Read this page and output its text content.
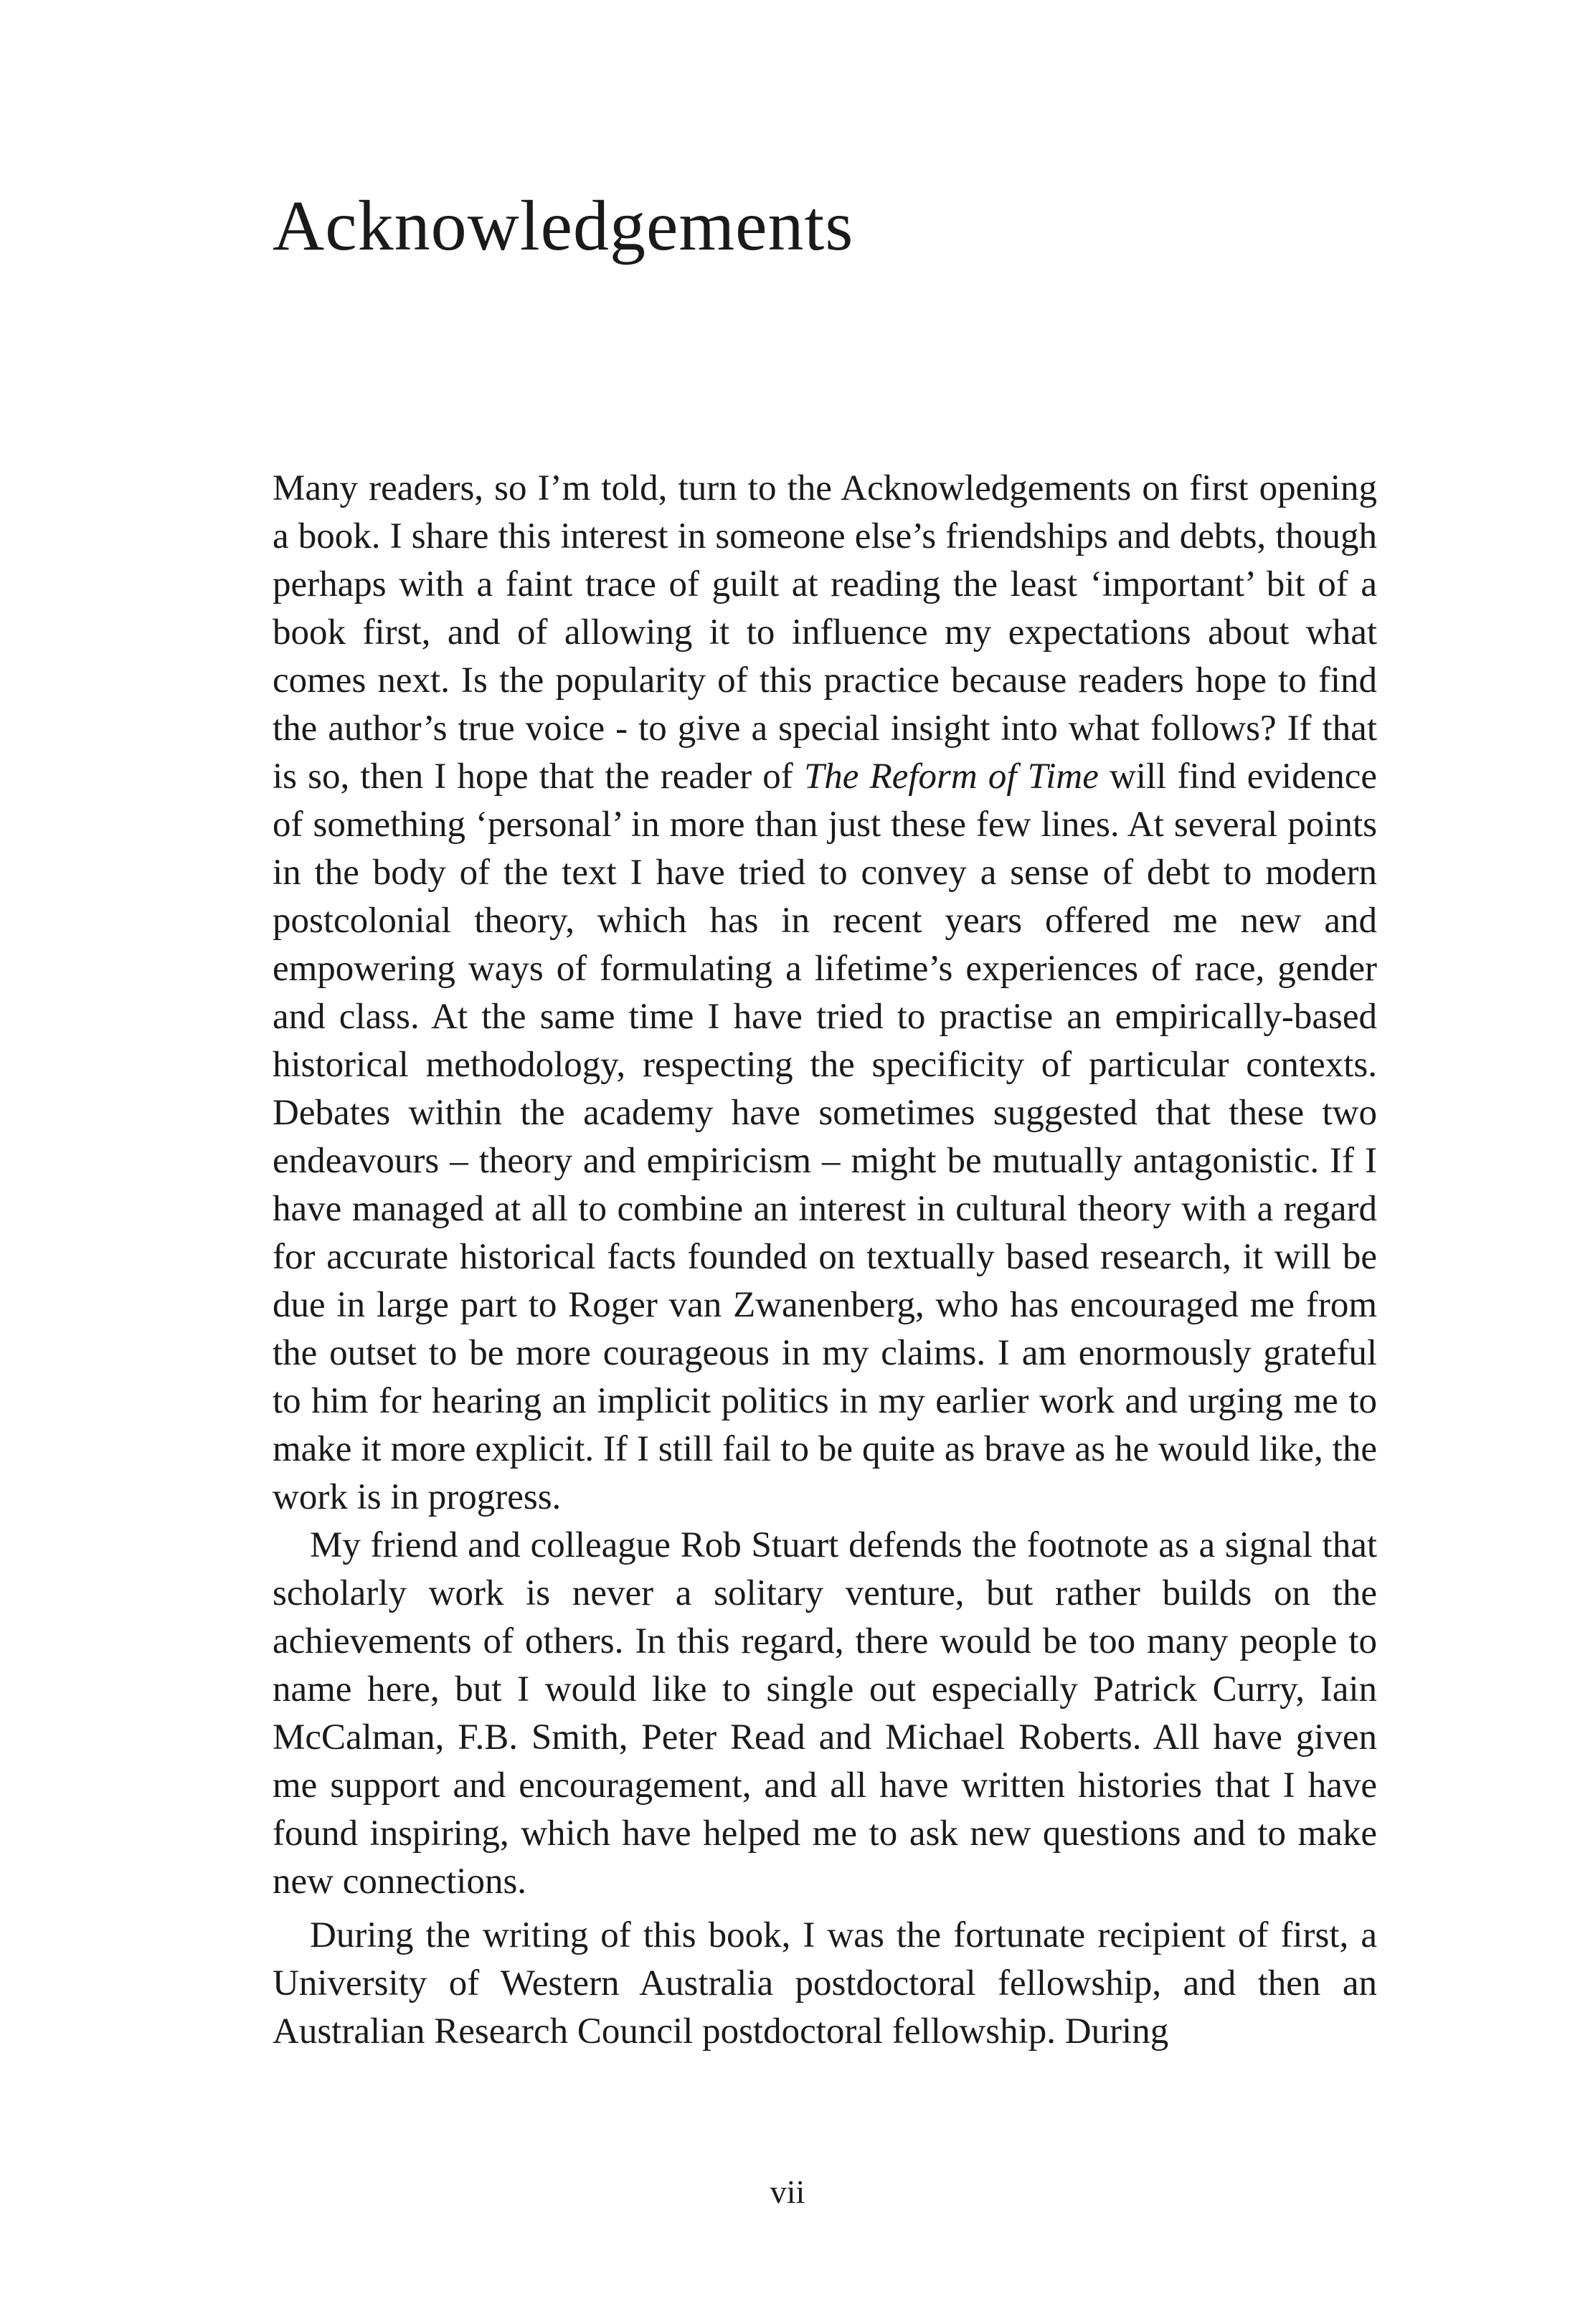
Acknowledgements

Many readers, so I’m told, turn to the Acknowledgements on first opening a book. I share this interest in someone else’s friendships and debts, though perhaps with a faint trace of guilt at reading the least ‘important’ bit of a book first, and of allowing it to influence my expectations about what comes next. Is the popularity of this practice because readers hope to find the author’s true voice - to give a special insight into what follows? If that is so, then I hope that the reader of The Reform of Time will find evidence of something ‘personal’ in more than just these few lines. At several points in the body of the text I have tried to convey a sense of debt to modern postcolonial theory, which has in recent years offered me new and empowering ways of formulating a lifetime’s experiences of race, gender and class. At the same time I have tried to practise an empirically-based historical methodology, respecting the specificity of particular contexts. Debates within the academy have sometimes suggested that these two endeavours – theory and empiricism – might be mutually antagonistic. If I have managed at all to combine an interest in cultural theory with a regard for accurate historical facts founded on textually based research, it will be due in large part to Roger van Zwanenberg, who has encouraged me from the outset to be more courageous in my claims. I am enormously grateful to him for hearing an implicit politics in my earlier work and urging me to make it more explicit. If I still fail to be quite as brave as he would like, the work is in progress.

My friend and colleague Rob Stuart defends the footnote as a signal that scholarly work is never a solitary venture, but rather builds on the achievements of others. In this regard, there would be too many people to name here, but I would like to single out especially Patrick Curry, Iain McCalman, F.B. Smith, Peter Read and Michael Roberts. All have given me support and encouragement, and all have written histories that I have found inspiring, which have helped me to ask new questions and to make new connections.

During the writing of this book, I was the fortunate recipient of first, a University of Western Australia postdoctoral fellowship, and then an Australian Research Council postdoctoral fellowship. During

vii
